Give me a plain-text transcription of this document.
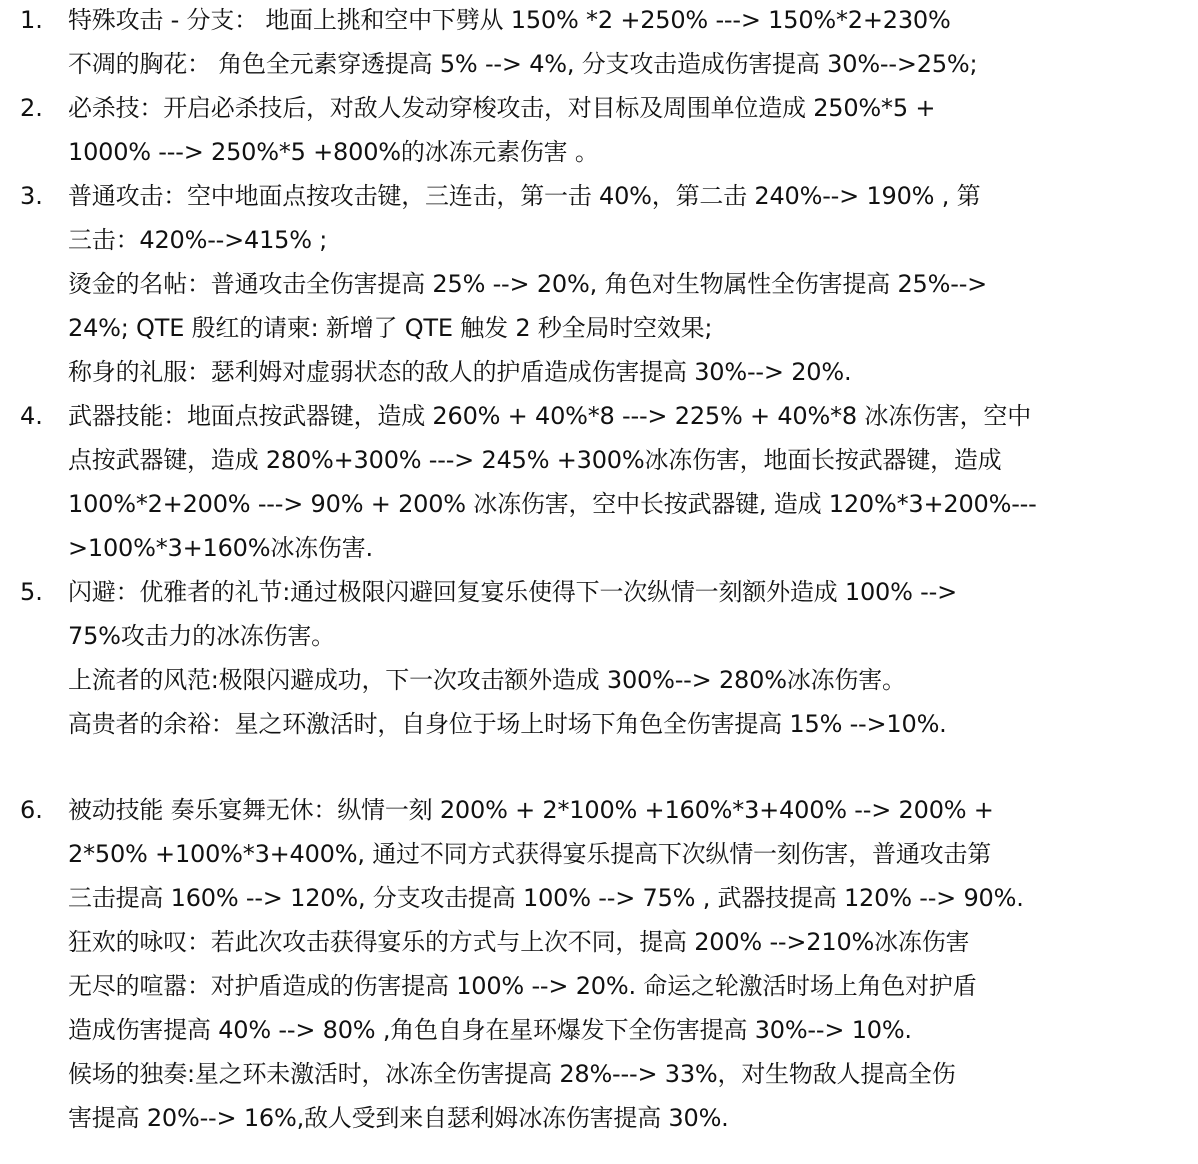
1.	特殊攻击 - 分支： 地面上挑和空中下劈从 150% *2 +250% ---> 150%*2+230%
不凋的胸花： 角色全元素穿透提高 5% --> 4%, 分支攻击造成伤害提高 30%-->25%;
2.	必杀技：开启必杀技后，对敌人发动穿梭攻击，对目标及周围单位造成 250%*5 +
1000% ---> 250%*5 +800%的冰冻元素伤害 。
3.	普通攻击：空中地面点按攻击键，三连击，第一击 40%，第二击 240%--> 190% , 第
三击：420%-->415% ;
烫金的名帖：普通攻击全伤害提高 25% --> 20%, 角色对生物属性全伤害提高 25%-->
24%; QTE 殷红的请柬: 新增了 QTE 触发 2 秒全局时空效果;
称身的礼服：瑟利姆对虚弱状态的敌人的护盾造成伤害提高 30%--> 20%.
4.	武器技能：地面点按武器键，造成 260% + 40%*8 ---> 225% + 40%*8 冰冻伤害，空中
点按武器键，造成 280%+300% ---> 245% +300%冰冻伤害，地面长按武器键，造成
100%*2+200% ---> 90% + 200% 冰冻伤害，空中长按武器键, 造成 120%*3+200%---
>100%*3+160%冰冻伤害.
5.	闪避：优雅者的礼节:通过极限闪避回复宴乐使得下一次纵情一刻额外造成 100% -->
75%攻击力的冰冻伤害。
上流者的风范:极限闪避成功，下一次攻击额外造成 300%--> 280%冰冻伤害。
高贵者的余裕：星之环激活时，自身位于场上时场下角色全伤害提高 15% -->10%.
6.	被动技能 奏乐宴舞无休：纵情一刻 200% + 2*100% +160%*3+400% --> 200% +
2*50% +100%*3+400%, 通过不同方式获得宴乐提高下次纵情一刻伤害，普通攻击第
三击提高 160% --> 120%, 分支攻击提高 100% --> 75% , 武器技提高 120% --> 90%.
狂欢的咏叹：若此次攻击获得宴乐的方式与上次不同，提高 200% -->210%冰冻伤害
无尽的喧嚣：对护盾造成的伤害提高 100% --> 20%. 命运之轮激活时场上角色对护盾
造成伤害提高 40% --> 80% ,角色自身在星环爆发下全伤害提高 30%--> 10%.
候场的独奏:星之环未激活时，冰冻全伤害提高 28%---> 33%，对生物敌人提高全伤
害提高 20%--> 16%,敌人受到来自瑟利姆冰冻伤害提高 30%.
